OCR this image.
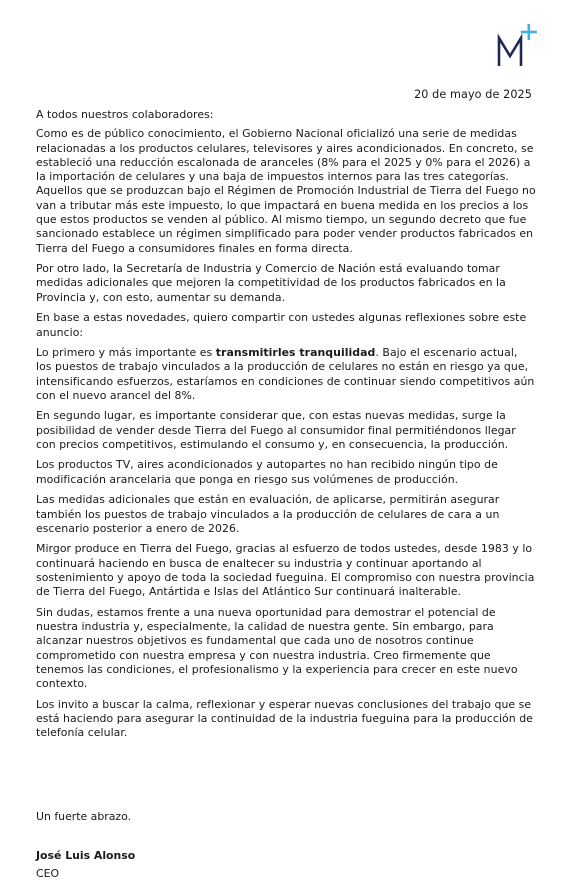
20 de mayo de 2025

A todos nuestros colaboradores:

Como es de público conocimiento, el Gobierno Nacional oficializó una serie de medidas relacionadas a los productos celulares, televisores y aires acondicionados. En concreto, se estableció una reducción escalonada de aranceles (8% para el 2025 y 0% para el 2026) a la importación de celulares y una baja de impuestos internos para las tres categorías. Aquellos que se produzcan bajo el Régimen de Promoción Industrial de Tierra del Fuego no van a tributar más este impuesto, lo que impactará en buena medida en los precios a los que estos productos se venden al público. Al mismo tiempo, un segundo decreto que fue sancionado establece un régimen simplificado para poder vender productos fabricados en Tierra del Fuego a consumidores finales en forma directa.

Por otro lado, la Secretaría de Industria y Comercio de Nación está evaluando tomar medidas adicionales que mejoren la competitividad de los productos fabricados en la Provincia y, con esto, aumentar su demanda.

En base a estas novedades, quiero compartir con ustedes algunas reflexiones sobre este anuncio:

Lo primero y más importante es transmitirles tranquilidad. Bajo el escenario actual, los puestos de trabajo vinculados a la producción de celulares no están en riesgo ya que, intensificando esfuerzos, estaríamos en condiciones de continuar siendo competitivos aún con el nuevo arancel del 8%.

En segundo lugar, es importante considerar que, con estas nuevas medidas, surge la posibilidad de vender desde Tierra del Fuego al consumidor final permitiéndonos llegar con precios competitivos, estimulando el consumo y, en consecuencia, la producción.

Los productos TV, aires acondicionados y autopartes no han recibido ningún tipo de modificación arancelaria que ponga en riesgo sus volúmenes de producción.

Las medidas adicionales que están en evaluación, de aplicarse, permitirán asegurar también los puestos de trabajo vinculados a la producción de celulares de cara a un escenario posterior a enero de 2026.

Mirgor produce en Tierra del Fuego, gracias al esfuerzo de todos ustedes, desde 1983 y lo continuará haciendo en busca de enaltecer su industria y continuar aportando al sostenimiento y apoyo de toda la sociedad fueguina. El compromiso con nuestra provincia de Tierra del Fuego, Antártida e Islas del Atlántico Sur continuará inalterable.

Sin dudas, estamos frente a una nueva oportunidad para demostrar el potencial de nuestra industria y, especialmente, la calidad de nuestra gente. Sin embargo, para alcanzar nuestros objetivos es fundamental que cada uno de nosotros continue comprometido con nuestra empresa y con nuestra industria. Creo firmemente que tenemos las condiciones, el profesionalismo y la experiencia para crecer en este nuevo contexto.

Los invito a buscar la calma, reflexionar y esperar nuevas conclusiones del trabajo que se está haciendo para asegurar la continuidad de la industria fueguina para la producción de telefonía celular.

Un fuerte abrazo.
José Luis Alonso
CEO
